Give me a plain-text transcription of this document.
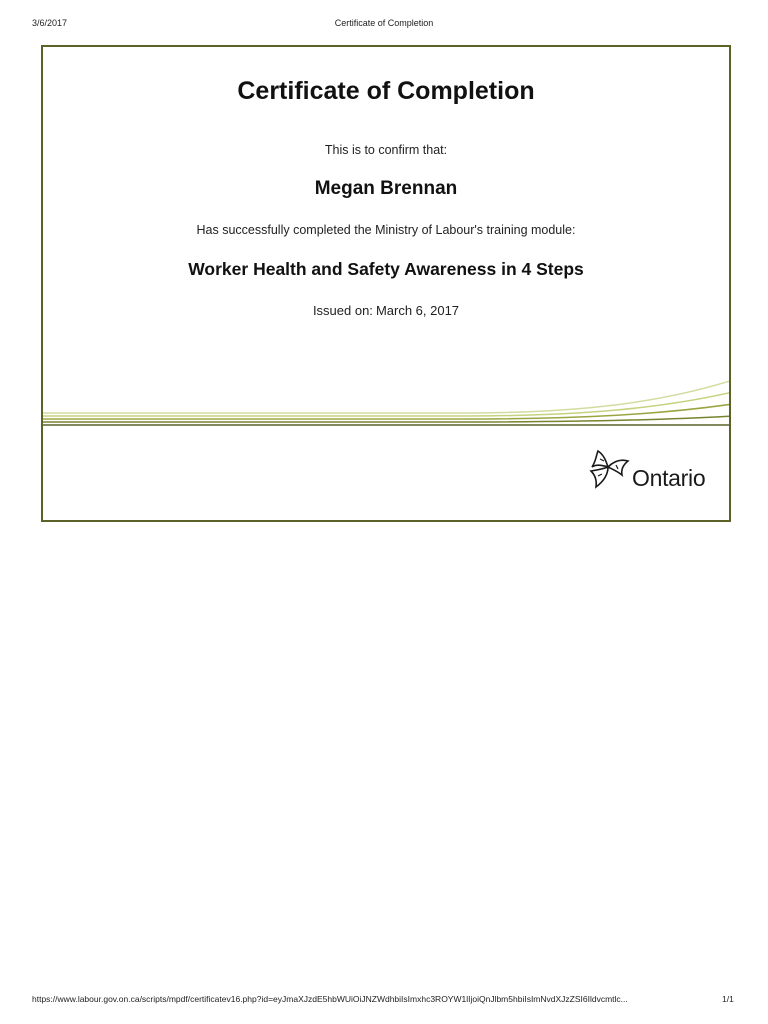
3/6/2017	Certificate of Completion
Certificate of Completion
This is to confirm that:
Megan Brennan
Has successfully completed the Ministry of Labour's training module:
Worker Health and Safety Awareness in 4 Steps
Issued on: March 6, 2017
Ontario
https://www.labour.gov.on.ca/scripts/mpdf/certificatev16.php?id=eyJmaXJzdE5hbWUiOiJNZWdhbiIsImxhc3ROYW1lIjoiQnJlbm5hbiIsImNvdXJzZSI6Ildvcmtlc...	1/1
